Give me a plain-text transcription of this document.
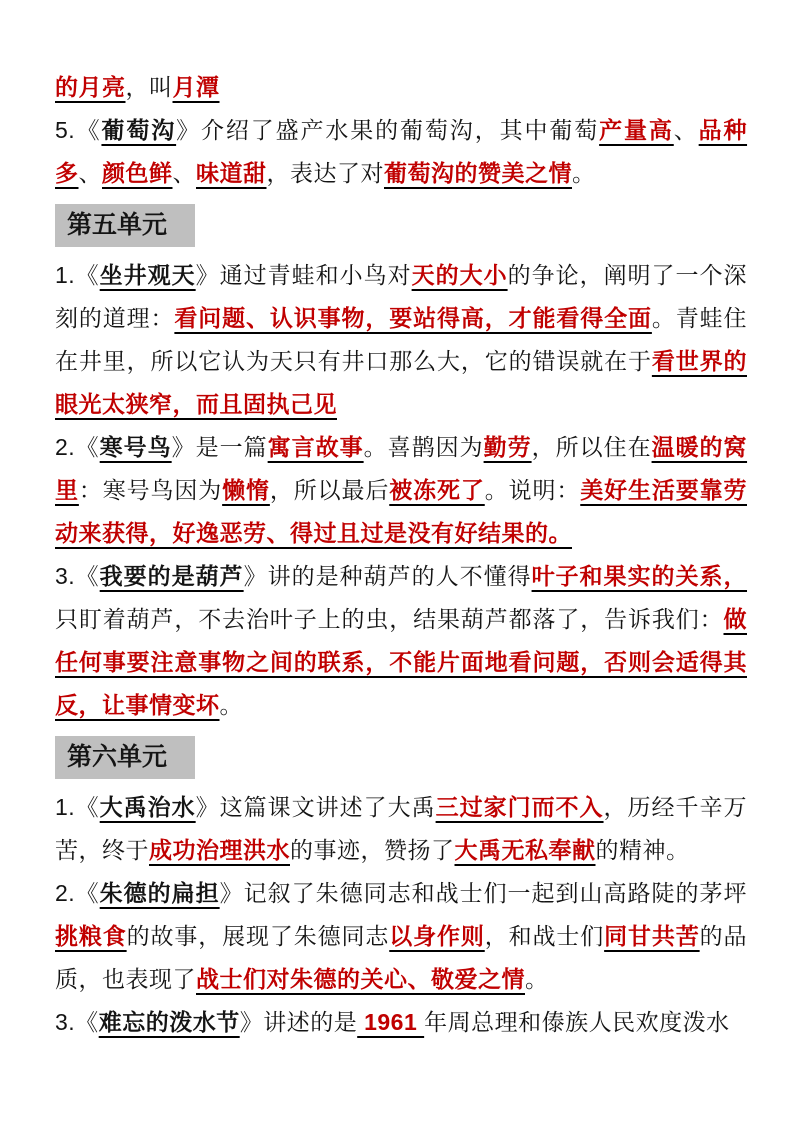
的月亮，叫月潭

5.《葡萄沟》介绍了盛产水果的葡萄沟，其中葡萄产量高、品种多、颜色鲜、味道甜，表达了对葡萄沟的赞美之情。

第五单元

1.《坐井观天》通过青蛙和小鸟对天的大小的争论，阐明了一个深刻的道理：看问题、认识事物，要站得高，才能看得全面。青蛙住在井里，所以它认为天只有井口那么大，它的错误就在于看世界的眼光太狭窄，而且固执己见

2.《寒号鸟》是一篇寓言故事。喜鹊因为勤劳，所以住在温暖的窝里：寒号鸟因为懒惰，所以最后被冻死了。说明：美好生活要靠劳动来获得，好逸恶劳、得过且过是没有好结果的。

3.《我要的是葫芦》讲的是种葫芦的人不懂得叶子和果实的关系，只盯着葫芦，不去治叶子上的虫，结果葫芦都落了，告诉我们：做任何事要注意事物之间的联系，不能片面地看问题，否则会适得其反，让事情变坏。

第六单元

1.《大禹治水》这篇课文讲述了大禹三过家门而不入，历经千辛万苦，终于成功治理洪水的事迹，赞扬了大禹无私奉献的精神。

2.《朱德的扁担》记叙了朱德同志和战士们一起到山高路陡的茅坪挑粮食的故事，展现了朱德同志以身作则，和战士们同甘共苦的品质，也表现了战士们对朱德的关心、敬爱之情。

3.《难忘的泼水节》讲述的是 1961 年周总理和傣族人民欢度泼水
